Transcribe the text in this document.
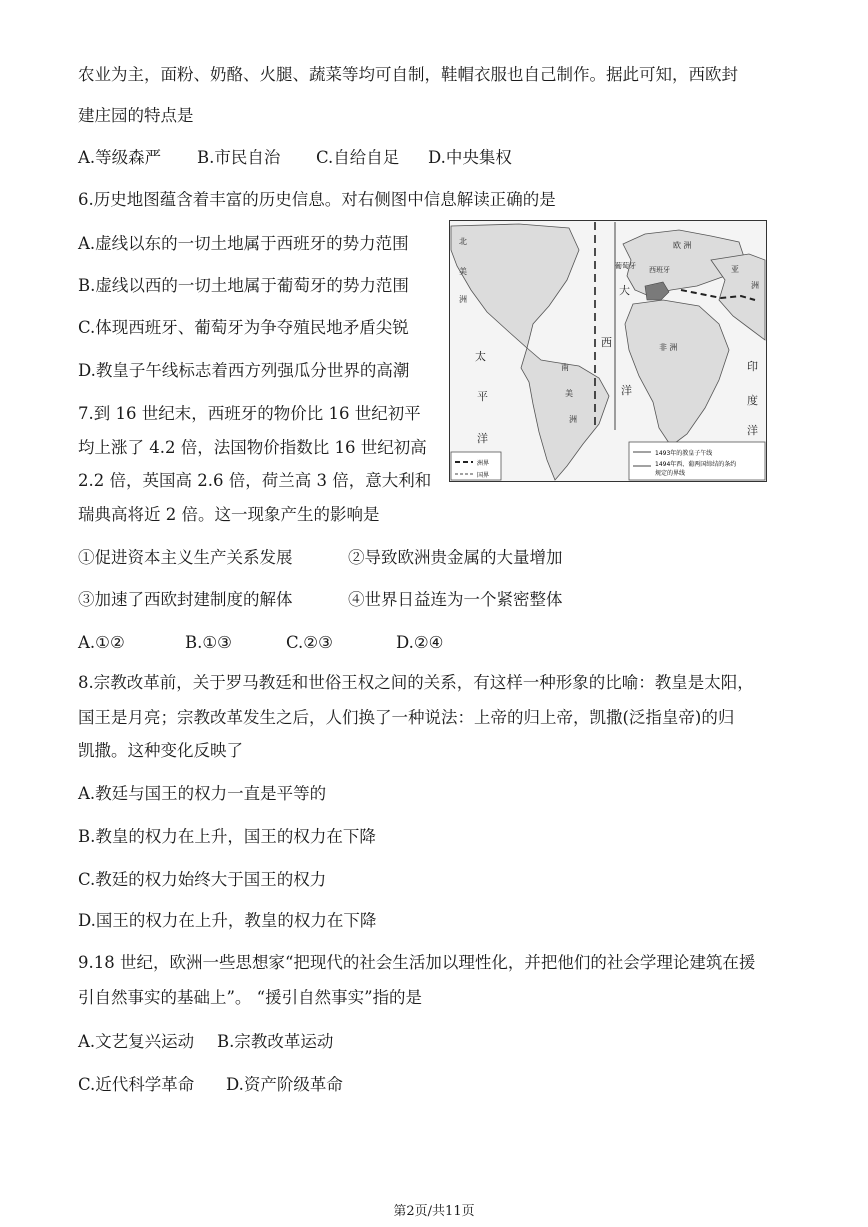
农业为主，面粉、奶酪、火腿、蔬菜等均可自制，鞋帽衣服也自己制作。据此可知，西欧封
建庄园的特点是
A.等级森严 B.市民自治 C.自给自足 D.中央集权
6.历史地图蕴含着丰富的历史信息。对右侧图中信息解读正确的是
A.虚线以东的一切土地属于西班牙的势力范围
B.虚线以西的一切土地属于葡萄牙的势力范围
C.体现西班牙、葡萄牙为争夺殖民地矛盾尖锐
D.教皇子午线标志着西方列强瓜分世界的高潮
北
美
洲
南
美
洲
欧 洲
亚
洲
非 洲
葡萄牙 西班牙
大
西
洋
太
平
洋
印
度
洋
洲界
国界
1493年的教皇子午线
1494年西、葡两国缔结的条约
规定的界线
7.到 16 世纪末，西班牙的物价比 16 世纪初平
均上涨了 4.2 倍，法国物价指数比 16 世纪初高
2.2 倍，英国高 2.6 倍，荷兰高 3 倍，意大利和
瑞典高将近 2 倍。这一现象产生的影响是
①促进资本主义生产关系发展	②导致欧洲贵金属的大量增加
③加速了西欧封建制度的解体	④世界日益连为一个紧密整体
A.①②	B.①③	C.②③	D.②④
8.宗教改革前，关于罗马教廷和世俗王权之间的关系，有这样一种形象的比喻：教皇是太阳，
国王是月亮；宗教改革发生之后，人们换了一种说法：上帝的归上帝，凯撒(泛指皇帝)的归
凯撒。这种变化反映了
A.教廷与国王的权力一直是平等的
B.教皇的权力在上升，国王的权力在下降
C.教廷的权力始终大于国王的权力
D.国王的权力在上升，教皇的权力在下降
9.18 世纪，欧洲一些思想家“把现代的社会生活加以理性化，并把他们的社会学理论建筑在援
引自然事实的基础上”。 “援引自然事实”指的是
A.文艺复兴运动 B.宗教改革运动
C.近代科学革命 D.资产阶级革命
第2页/共11页
